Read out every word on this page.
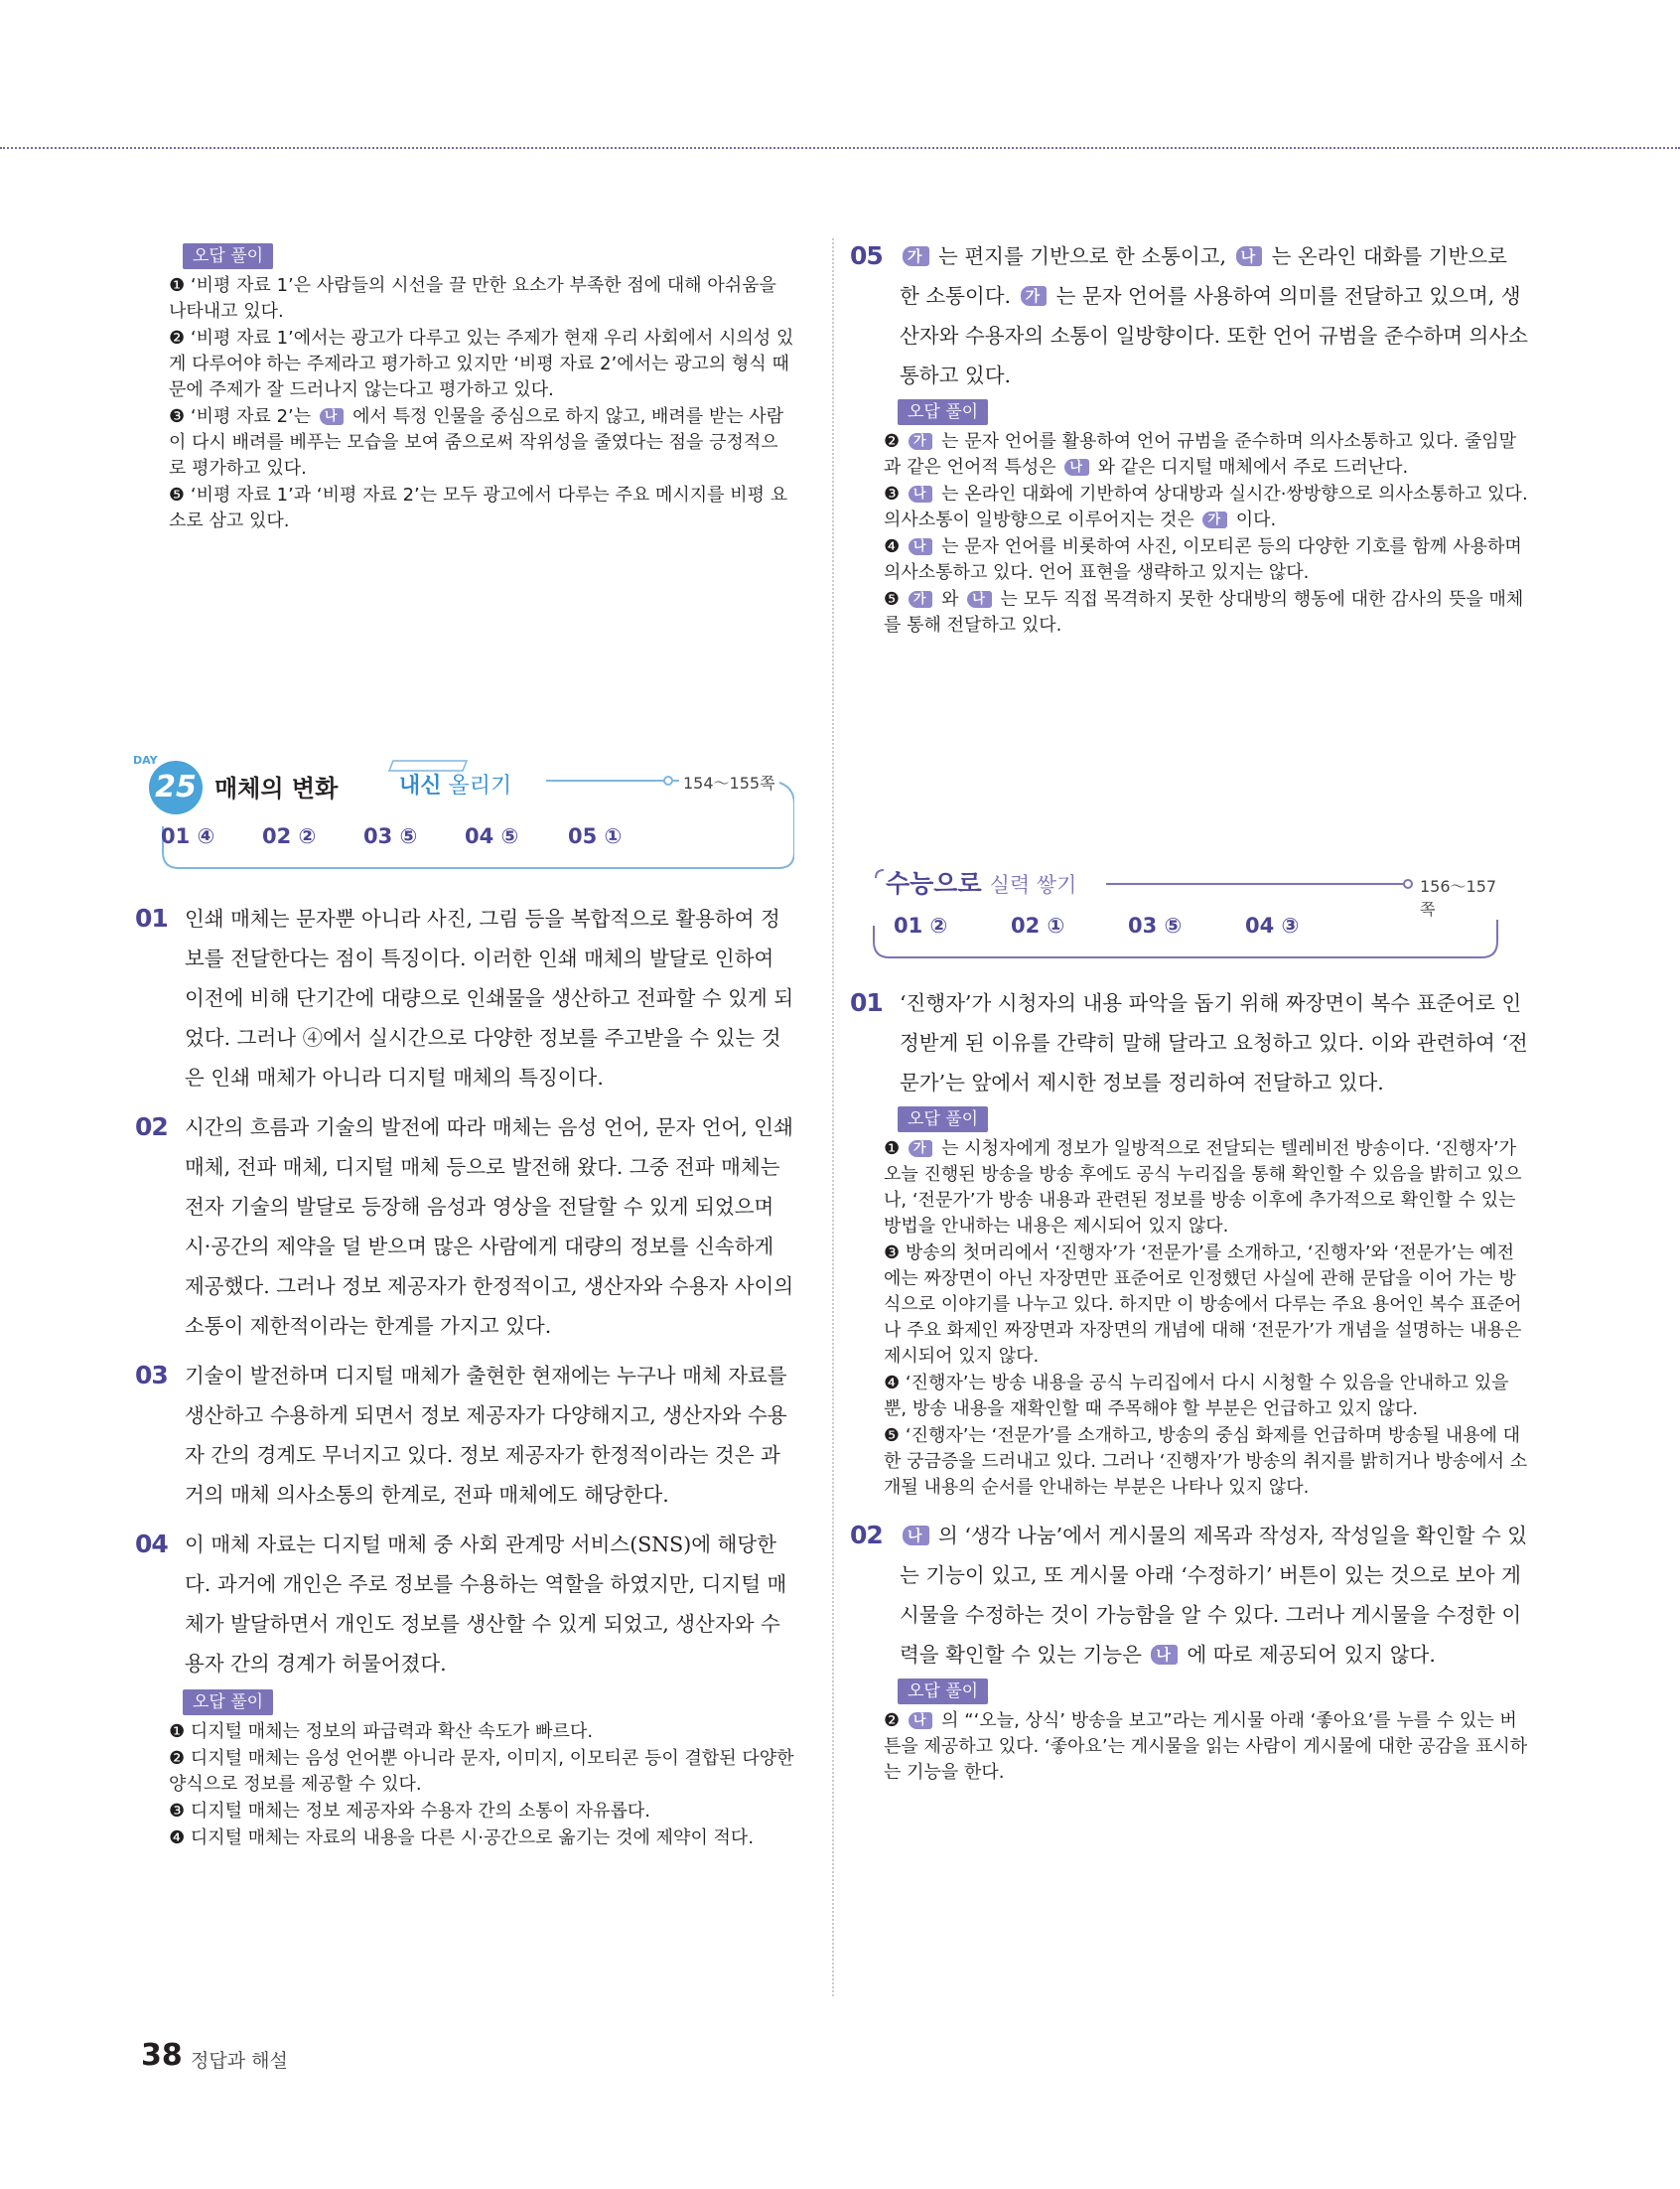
오답 풀이

❶ ‘비평 자료 1’은 사람들의 시선을 끌 만한 요소가 부족한 점에 대해 아쉬움을 나타내고 있다.

❷ ‘비평 자료 1’에서는 광고가 다루고 있는 주제가 현재 우리 사회에서 시의성 있게 다루어야 하는 주제라고 평가하고 있지만 ‘비평 자료 2’에서는 광고의 형식 때문에 주제가 잘 드러나지 않는다고 평가하고 있다.

❸ ‘비평 자료 2’는 나 에서 특정 인물을 중심으로 하지 않고, 배려를 받는 사람이 다시 배려를 베푸는 모습을 보여 줌으로써 작위성을 줄였다는 점을 긍정적으로 평가하고 있다.

❺ ‘비평 자료 1’과 ‘비평 자료 2’는 모두 광고에서 다루는 주요 메시지를 비평 요소로 삼고 있다.

DAY
25 매체의 변화	내신 올리기	154～155쪽
01 ④ 02 ② 03 ⑤ 04 ⑤ 05 ①
01 인쇄 매체는 문자뿐 아니라 사진, 그림 등을 복합적으로 활용하여 정보를 전달한다는 점이 특징이다. 이러한 인쇄 매체의 발달로 인하여 이전에 비해 단기간에 대량으로 인쇄물을 생산하고 전파할 수 있게 되었다. 그러나 ④에서 실시간으로 다양한 정보를 주고받을 수 있는 것은 인쇄 매체가 아니라 디지털 매체의 특징이다.
02 시간의 흐름과 기술의 발전에 따라 매체는 음성 언어, 문자 언어, 인쇄 매체, 전파 매체, 디지털 매체 등으로 발전해 왔다. 그중 전파 매체는 전자 기술의 발달로 등장해 음성과 영상을 전달할 수 있게 되었으며 시·공간의 제약을 덜 받으며 많은 사람에게 대량의 정보를 신속하게 제공했다. 그러나 정보 제공자가 한정적이고, 생산자와 수용자 사이의 소통이 제한적이라는 한계를 가지고 있다.
03 기술이 발전하며 디지털 매체가 출현한 현재에는 누구나 매체 자료를 생산하고 수용하게 되면서 정보 제공자가 다양해지고, 생산자와 수용자 간의 경계도 무너지고 있다. 정보 제공자가 한정적이라는 것은 과거의 매체 의사소통의 한계로, 전파 매체에도 해당한다.
04 이 매체 자료는 디지털 매체 중 사회 관계망 서비스(SNS)에 해당한다. 과거에 개인은 주로 정보를 수용하는 역할을 하였지만, 디지털 매체가 발달하면서 개인도 정보를 생산할 수 있게 되었고, 생산자와 수용자 간의 경계가 허물어졌다.
오답 풀이

❶ 디지털 매체는 정보의 파급력과 확산 속도가 빠르다.

❷ 디지털 매체는 음성 언어뿐 아니라 문자, 이미지, 이모티콘 등이 결합된 다양한 양식으로 정보를 제공할 수 있다.

❸ 디지털 매체는 정보 제공자와 수용자 간의 소통이 자유롭다.

❹ 디지털 매체는 자료의 내용을 다른 시·공간으로 옮기는 것에 제약이 적다.

05 가 는 편지를 기반으로 한 소통이고, 나 는 온라인 대화를 기반으로 한 소통이다. 가 는 문자 언어를 사용하여 의미를 전달하고 있으며, 생산자와 수용자의 소통이 일방향이다. 또한 언어 규범을 준수하며 의사소통하고 있다.
오답 풀이

❷ 가 는 문자 언어를 활용하여 언어 규범을 준수하며 의사소통하고 있다. 줄임말과 같은 언어적 특성은 나 와 같은 디지털 매체에서 주로 드러난다.

❸ 나 는 온라인 대화에 기반하여 상대방과 실시간·쌍방향으로 의사소통하고 있다. 의사소통이 일방향으로 이루어지는 것은 가 이다.

❹ 나 는 문자 언어를 비롯하여 사진, 이모티콘 등의 다양한 기호를 함께 사용하며 의사소통하고 있다. 언어 표현을 생략하고 있지는 않다.

❺ 가 와 나 는 모두 직접 목격하지 못한 상대방의 행동에 대한 감사의 뜻을 매체를 통해 전달하고 있다.

수능으로 실력 쌓기	156～157쪽
01 ②	02 ①	03 ⑤	04 ③
01 ‘진행자’가 시청자의 내용 파악을 돕기 위해 짜장면이 복수 표준어로 인정받게 된 이유를 간략히 말해 달라고 요청하고 있다. 이와 관련하여 ‘전문가’는 앞에서 제시한 정보를 정리하여 전달하고 있다.
오답 풀이

❶ 가 는 시청자에게 정보가 일방적으로 전달되는 텔레비전 방송이다. ‘진행자’가 오늘 진행된 방송을 방송 후에도 공식 누리집을 통해 확인할 수 있음을 밝히고 있으나, ‘전문가’가 방송 내용과 관련된 정보를 방송 이후에 추가적으로 확인할 수 있는 방법을 안내하는 내용은 제시되어 있지 않다.

❸ 방송의 첫머리에서 ‘진행자’가 ‘전문가’를 소개하고, ‘진행자’와 ‘전문가’는 예전에는 짜장면이 아닌 자장면만 표준어로 인정했던 사실에 관해 문답을 이어 가는 방식으로 이야기를 나누고 있다. 하지만 이 방송에서 다루는 주요 용어인 복수 표준어나 주요 화제인 짜장면과 자장면의 개념에 대해 ‘전문가’가 개념을 설명하는 내용은 제시되어 있지 않다.

❹ ‘진행자’는 방송 내용을 공식 누리집에서 다시 시청할 수 있음을 안내하고 있을 뿐, 방송 내용을 재확인할 때 주목해야 할 부분은 언급하고 있지 않다.

❺ ‘진행자’는 ‘전문가’를 소개하고, 방송의 중심 화제를 언급하며 방송될 내용에 대한 궁금증을 드러내고 있다. 그러나 ‘진행자’가 방송의 취지를 밝히거나 방송에서 소개될 내용의 순서를 안내하는 부분은 나타나 있지 않다.

02 나 의 ‘생각 나눔’에서 게시물의 제목과 작성자, 작성일을 확인할 수 있는 기능이 있고, 또 게시물 아래 ‘수정하기’ 버튼이 있는 것으로 보아 게시물을 수정하는 것이 가능함을 알 수 있다. 그러나 게시물을 수정한 이력을 확인할 수 있는 기능은 나 에 따로 제공되어 있지 않다.
오답 풀이

❷ 나 의 “‘오늘, 상식’ 방송을 보고”라는 게시물 아래 ‘좋아요’를 누를 수 있는 버튼을 제공하고 있다. ‘좋아요’는 게시물을 읽는 사람이 게시물에 대한 공감을 표시하는 기능을 한다.

38 정답과 해설
